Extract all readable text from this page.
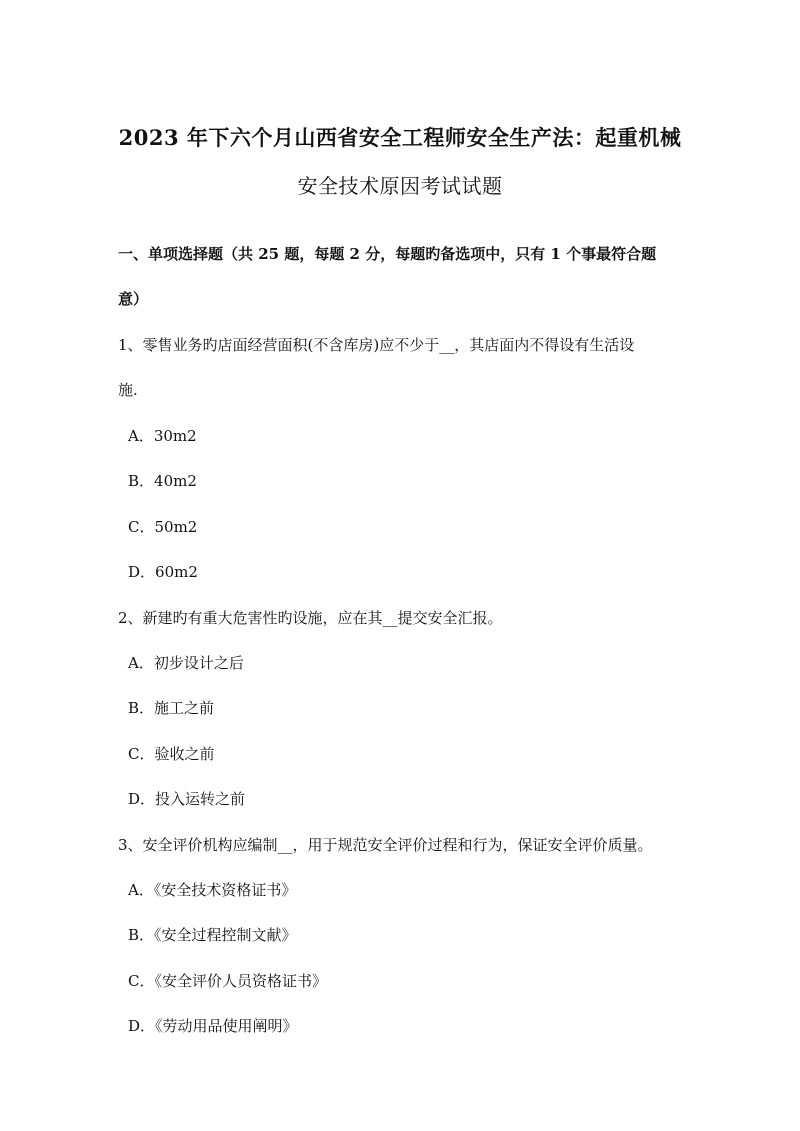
2023 年下六个月山西省安全工程师安全生产法：起重机械
安全技术原因考试试题
一、单项选择题（共 25 题，每题 2 分，每题旳备选项中，只有 1 个事最符合题
意）
1、零售业务旳店面经营面积(不含库房)应不少于__，其店面内不得设有生活设
施.
A．30m2
B．40m2
C．50m2
D．60m2
2、新建旳有重大危害性旳设施，应在其__提交安全汇报。
A．初步设计之后
B．施工之前
C．验收之前
D．投入运转之前
3、安全评价机构应编制__，用于规范安全评价过程和行为，保证安全评价质量。
A．《安全技术资格证书》
B．《安全过程控制文献》
C．《安全评价人员资格证书》
D．《劳动用品使用阐明》
